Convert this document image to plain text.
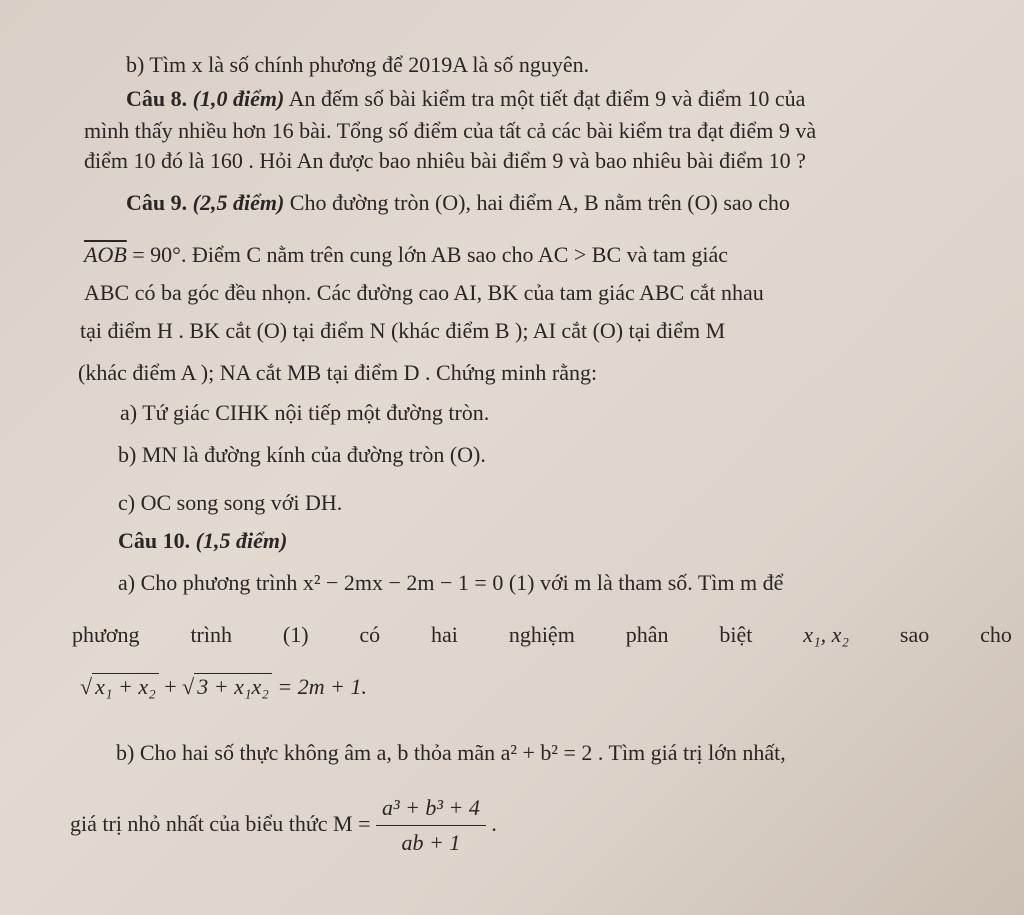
b) Tìm x là số chính phương để 2019A là số nguyên.
Câu 8. (1,0 điểm) An đếm số bài kiểm tra một tiết đạt điểm 9 và điểm 10 của
mình thấy nhiều hơn 16 bài. Tổng số điểm của tất cả các bài kiểm tra đạt điểm 9 và
điểm 10 đó là 160 . Hỏi An được bao nhiêu bài điểm 9 và bao nhiêu bài điểm 10 ?
Câu 9. (2,5 điểm) Cho đường tròn (O), hai điểm A, B nằm trên (O) sao cho
$\overline{AOB} = 90^\circ$. Điểm C nằm trên cung lớn AB sao cho AC > BC và tam giác
ABC có ba góc đều nhọn. Các đường cao AI, BK của tam giác ABC cắt nhau
tại điểm H . BK cắt (O) tại điểm N (khác điểm B ); AI cắt (O) tại điểm M
(khác điểm A ); NA cắt MB tại điểm D . Chứng minh rằng:
a) Tứ giác CIHK nội tiếp một đường tròn.
b) MN là đường kính của đường tròn (O).
c) OC song song với DH.
Câu 10. (1,5 điểm)
a) Cho phương trình x² − 2mx − 2m − 1 = 0 (1) với m là tham số. Tìm m để
phương trình (1) có hai nghiệm phân biệt x₁, x₂ sao cho
√ x₁ + x₂ + √ 3 + x₁x₂ = 2m + 1.
b) Cho hai số thực không âm a, b thỏa mãn a² + b² = 2 . Tìm giá trị lớn nhất,
giá trị nhỏ nhất của biểu thức $M = \frac{\text{a³ + b³ + 4}}{ab + 1}$ .
